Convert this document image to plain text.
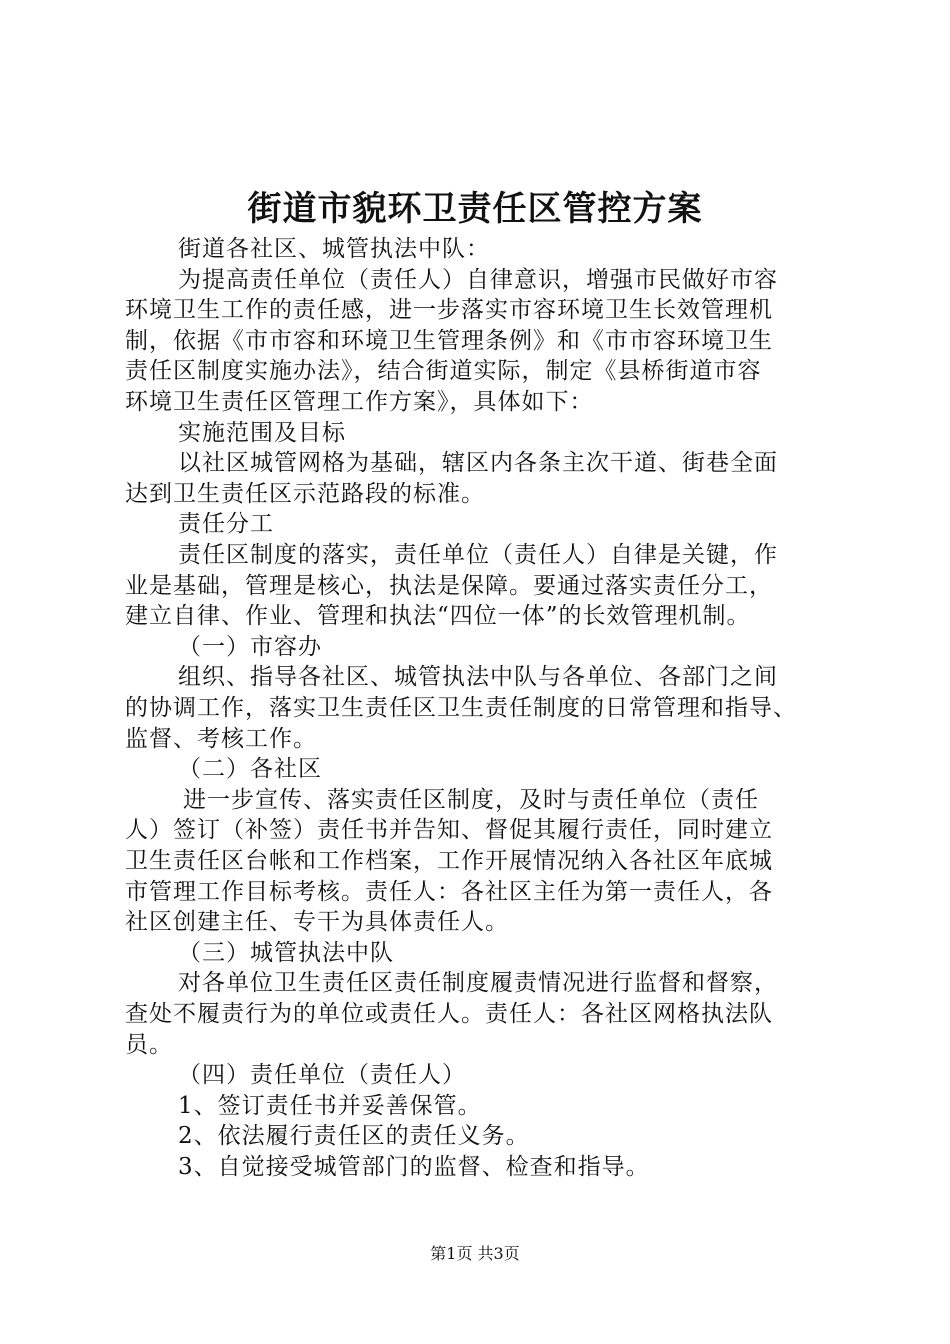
街道市貌环卫责任区管控方案
街道各社区、城管执法中队：
为提高责任单位（责任人）自律意识，增强市民做好市容
环境卫生工作的责任感，进一步落实市容环境卫生长效管理机
制，依据《市市容和环境卫生管理条例》和《市市容环境卫生
责任区制度实施办法》，结合街道实际，制定《县桥街道市容
环境卫生责任区管理工作方案》，具体如下：
实施范围及目标
以社区城管网格为基础，辖区内各条主次干道、街巷全面
达到卫生责任区示范路段的标准。
责任分工
责任区制度的落实，责任单位（责任人）自律是关键，作
业是基础，管理是核心，执法是保障。要通过落实责任分工，
建立自律、作业、管理和执法“四位一体”的长效管理机制。
（一）市容办
组织、指导各社区、城管执法中队与各单位、各部门之间
的协调工作，落实卫生责任区卫生责任制度的日常管理和指导、
监督、考核工作。
（二）各社区
进一步宣传、落实责任区制度，及时与责任单位（责任
人）签订（补签）责任书并告知、督促其履行责任，同时建立
卫生责任区台帐和工作档案，工作开展情况纳入各社区年底城
市管理工作目标考核。责任人：各社区主任为第一责任人，各
社区创建主任、专干为具体责任人。
（三）城管执法中队
对各单位卫生责任区责任制度履责情况进行监督和督察，
查处不履责行为的单位或责任人。责任人：各社区网格执法队
员。
（四）责任单位（责任人）
1、签订责任书并妥善保管。
2、依法履行责任区的责任义务。
3、自觉接受城管部门的监督、检查和指导。
第1页 共3页
